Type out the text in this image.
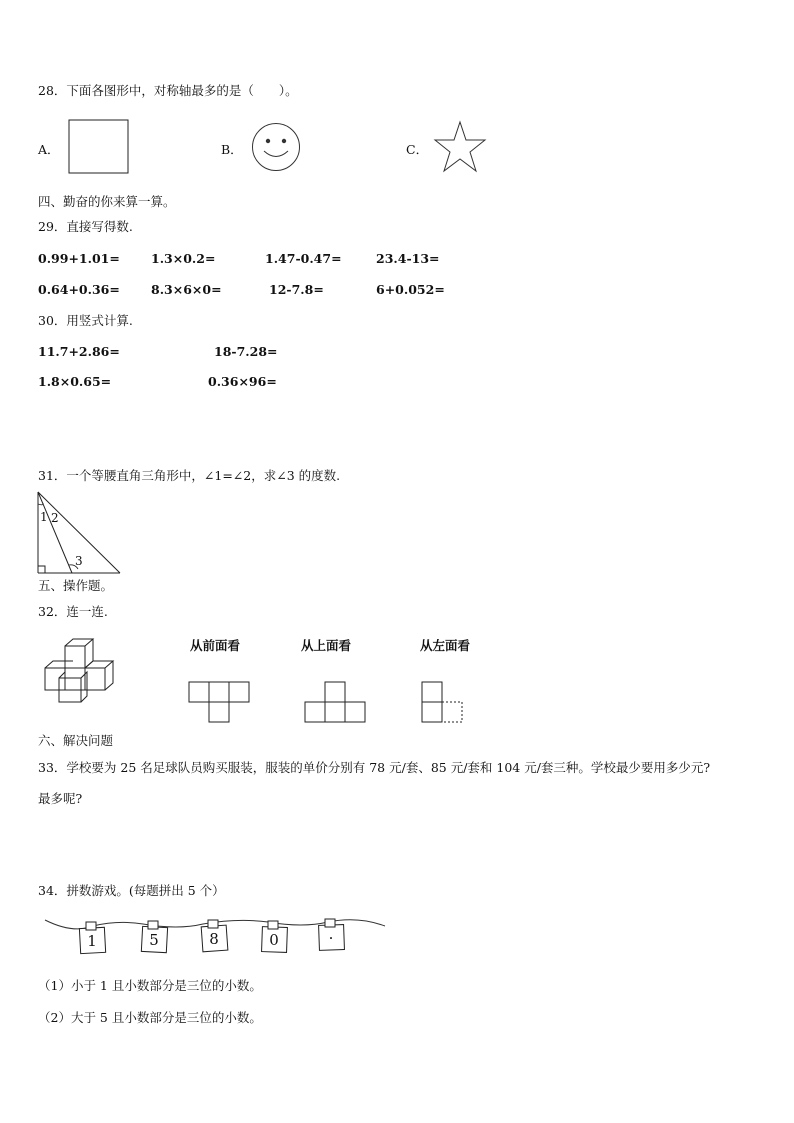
28．下面各图形中，对称轴最多的是（　　）。
A．	B．	C．
四、勤奋的你来算一算。
29．直接写得数.
0.99+1.01= 1.3×0.2=	1.47-0.47=	23.4-13=
0.64+0.36= 8.3×6×0=	12-7.8=	6+0.052=
30．用竖式计算.
11.7+2.86=	18-7.28=
1.8×0.65=	0.36×96=
31．一个等腰直角三角形中，∠1=∠2，求∠3 的度数.
1 2
3
五、操作题。
32．连一连.
从前面看	从上面看	从左面看
六、解决问题
33．学校要为 25 名足球队员购买服装，服装的单价分别有 78 元/套、85 元/套和 104 元/套三种。学校最少要用多少元?
最多呢?
34．拼数游戏。(每题拼出 5 个）
1	5	8	0	·
（1）小于 1 且小数部分是三位的小数。
（2）大于 5 且小数部分是三位的小数。
